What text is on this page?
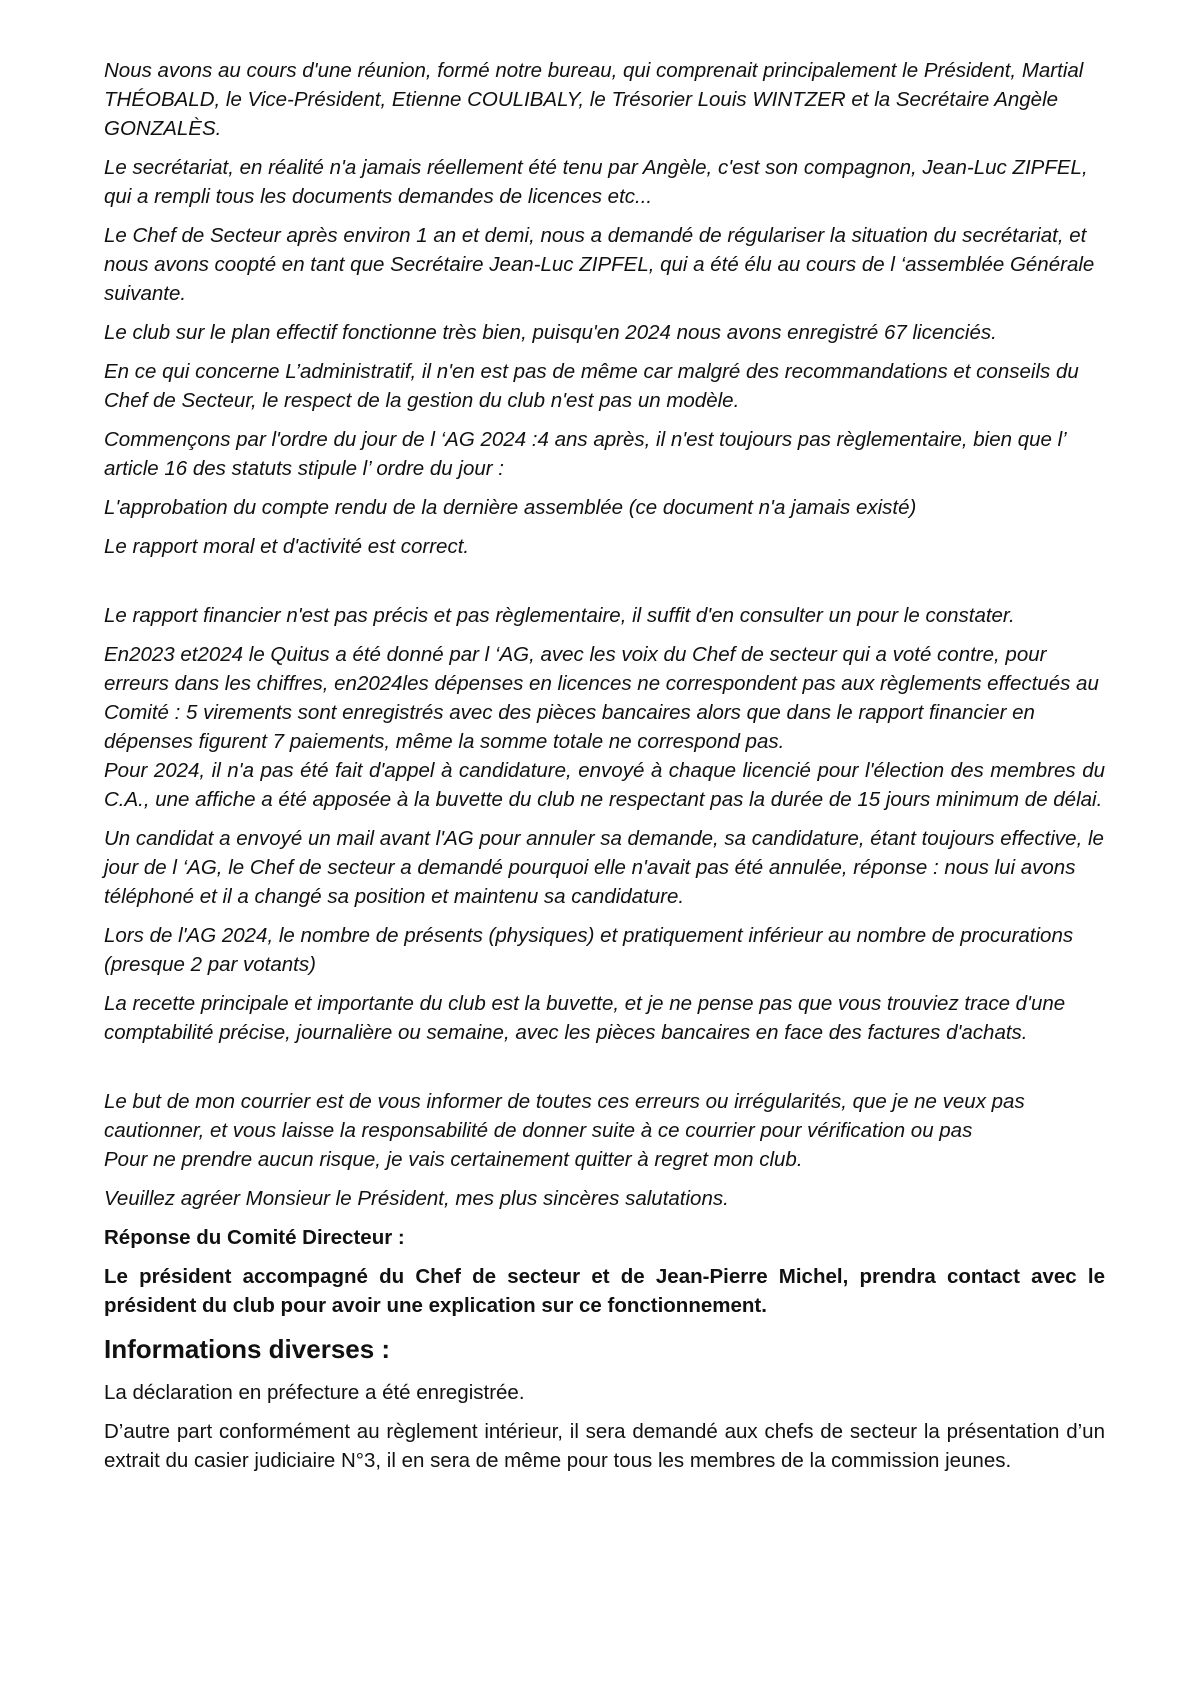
Nous avons au cours d'une réunion, formé notre bureau, qui comprenait principalement le Président, Martial THÉOBALD, le Vice-Président, Etienne COULIBALY, le Trésorier Louis WINTZER et la Secrétaire Angèle GONZALÈS.

Le secrétariat, en réalité n'a jamais réellement été tenu par Angèle, c'est son compagnon, Jean-Luc ZIPFEL, qui a rempli tous les documents demandes de licences etc...

Le Chef de Secteur après environ 1 an et demi, nous a demandé de régulariser la situation du secrétariat, et nous avons coopté en tant que Secrétaire Jean-Luc ZIPFEL, qui a été élu au cours de l ‘assemblée Générale suivante.

Le club sur le plan effectif fonctionne très bien, puisqu'en 2024 nous avons enregistré 67 licenciés.

En ce qui concerne L’administratif, il n'en est pas de même car malgré des recommandations et conseils du Chef de Secteur, le respect de la gestion du club n'est pas un modèle.

Commençons par l'ordre du jour de l ‘AG 2024 :4 ans après, il n'est toujours pas règlementaire, bien que l’ article 16 des statuts stipule l’ ordre du jour :

L'approbation du compte rendu de la dernière assemblée (ce document n'a jamais existé)

Le rapport moral et d'activité est correct.

Le rapport financier n'est pas précis et pas règlementaire, il suffit d'en consulter un pour le constater.

En2023 et2024 le Quitus a été donné par l ‘AG, avec les voix du Chef de secteur qui a voté contre, pour erreurs dans les chiffres, en2024les dépenses en licences ne correspondent pas aux règlements effectués au Comité : 5 virements sont enregistrés avec des pièces bancaires alors que dans le rapport financier en dépenses figurent 7 paiements, même la somme totale ne correspond pas.

Pour 2024, il n'a pas été fait d'appel à candidature, envoyé à chaque licencié pour l'élection des membres du C.A., une affiche a été apposée à la buvette du club ne respectant pas la durée de 15 jours minimum de délai.

Un candidat a envoyé un mail avant l'AG pour annuler sa demande, sa candidature, étant toujours effective, le jour de l ‘AG, le Chef de secteur a demandé pourquoi elle n'avait pas été annulée, réponse : nous lui avons téléphoné et il a changé sa position et maintenu sa candidature.

Lors de l'AG 2024, le nombre de présents (physiques) et pratiquement inférieur au nombre de procurations (presque 2 par votants)

La recette principale et importante du club est la buvette, et je ne pense pas que vous trouviez trace d'une comptabilité précise, journalière ou semaine, avec les pièces bancaires en face des factures d'achats.

Le but de mon courrier est de vous informer de toutes ces erreurs ou irrégularités, que je ne veux pas cautionner, et vous laisse la responsabilité de donner suite à ce courrier pour vérification ou pas

Pour ne prendre aucun risque, je vais certainement quitter à regret mon club.

Veuillez agréer Monsieur le Président, mes plus sincères salutations.

Réponse du Comité Directeur :

Le président accompagné du Chef de secteur et de Jean-Pierre Michel, prendra contact avec le président du club pour avoir une explication sur ce fonctionnement.

Informations diverses :

La déclaration en préfecture a été enregistrée.

D’autre part conformément au règlement intérieur, il sera demandé aux chefs de secteur la présentation d’un extrait du casier judiciaire N°3, il en sera de même pour tous les membres de la commission jeunes.
